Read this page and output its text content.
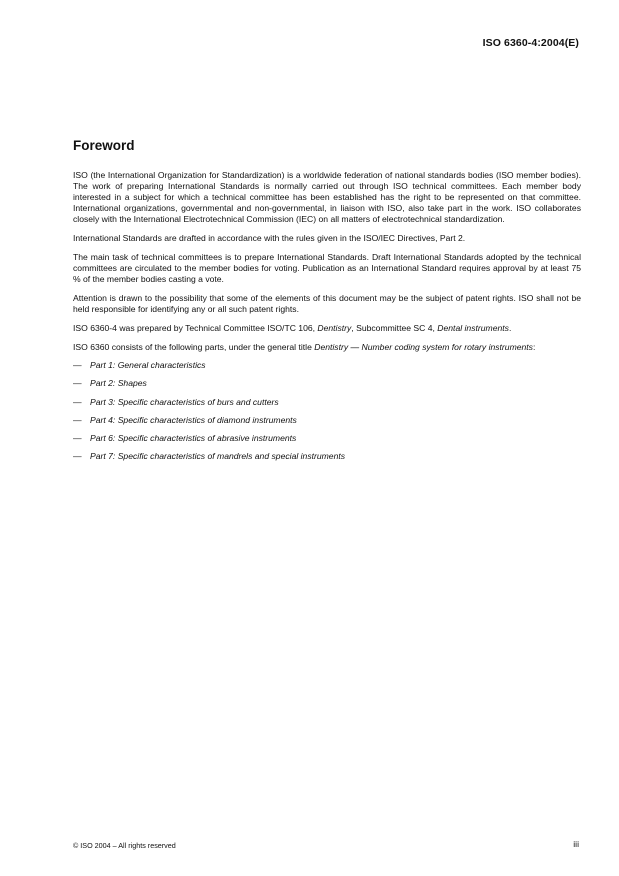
ISO 6360-4:2004(E)
Foreword

ISO (the International Organization for Standardization) is a worldwide federation of national standards bodies (ISO member bodies). The work of preparing International Standards is normally carried out through ISO technical committees. Each member body interested in a subject for which a technical committee has been established has the right to be represented on that committee. International organizations, governmental and non-governmental, in liaison with ISO, also take part in the work. ISO collaborates closely with the International Electrotechnical Commission (IEC) on all matters of electrotechnical standardization.

International Standards are drafted in accordance with the rules given in the ISO/IEC Directives, Part 2.

The main task of technical committees is to prepare International Standards. Draft International Standards adopted by the technical committees are circulated to the member bodies for voting. Publication as an International Standard requires approval by at least 75 % of the member bodies casting a vote.

Attention is drawn to the possibility that some of the elements of this document may be the subject of patent rights. ISO shall not be held responsible for identifying any or all such patent rights.

ISO 6360-4 was prepared by Technical Committee ISO/TC 106, Dentistry, Subcommittee SC 4, Dental instruments.

ISO 6360 consists of the following parts, under the general title Dentistry — Number coding system for rotary instruments:

— Part 1: General characteristics
— Part 2: Shapes
— Part 3: Specific characteristics of burs and cutters
— Part 4: Specific characteristics of diamond instruments
— Part 6: Specific characteristics of abrasive instruments
— Part 7: Specific characteristics of mandrels and special instruments
© ISO 2004 – All rights reserved	iii
